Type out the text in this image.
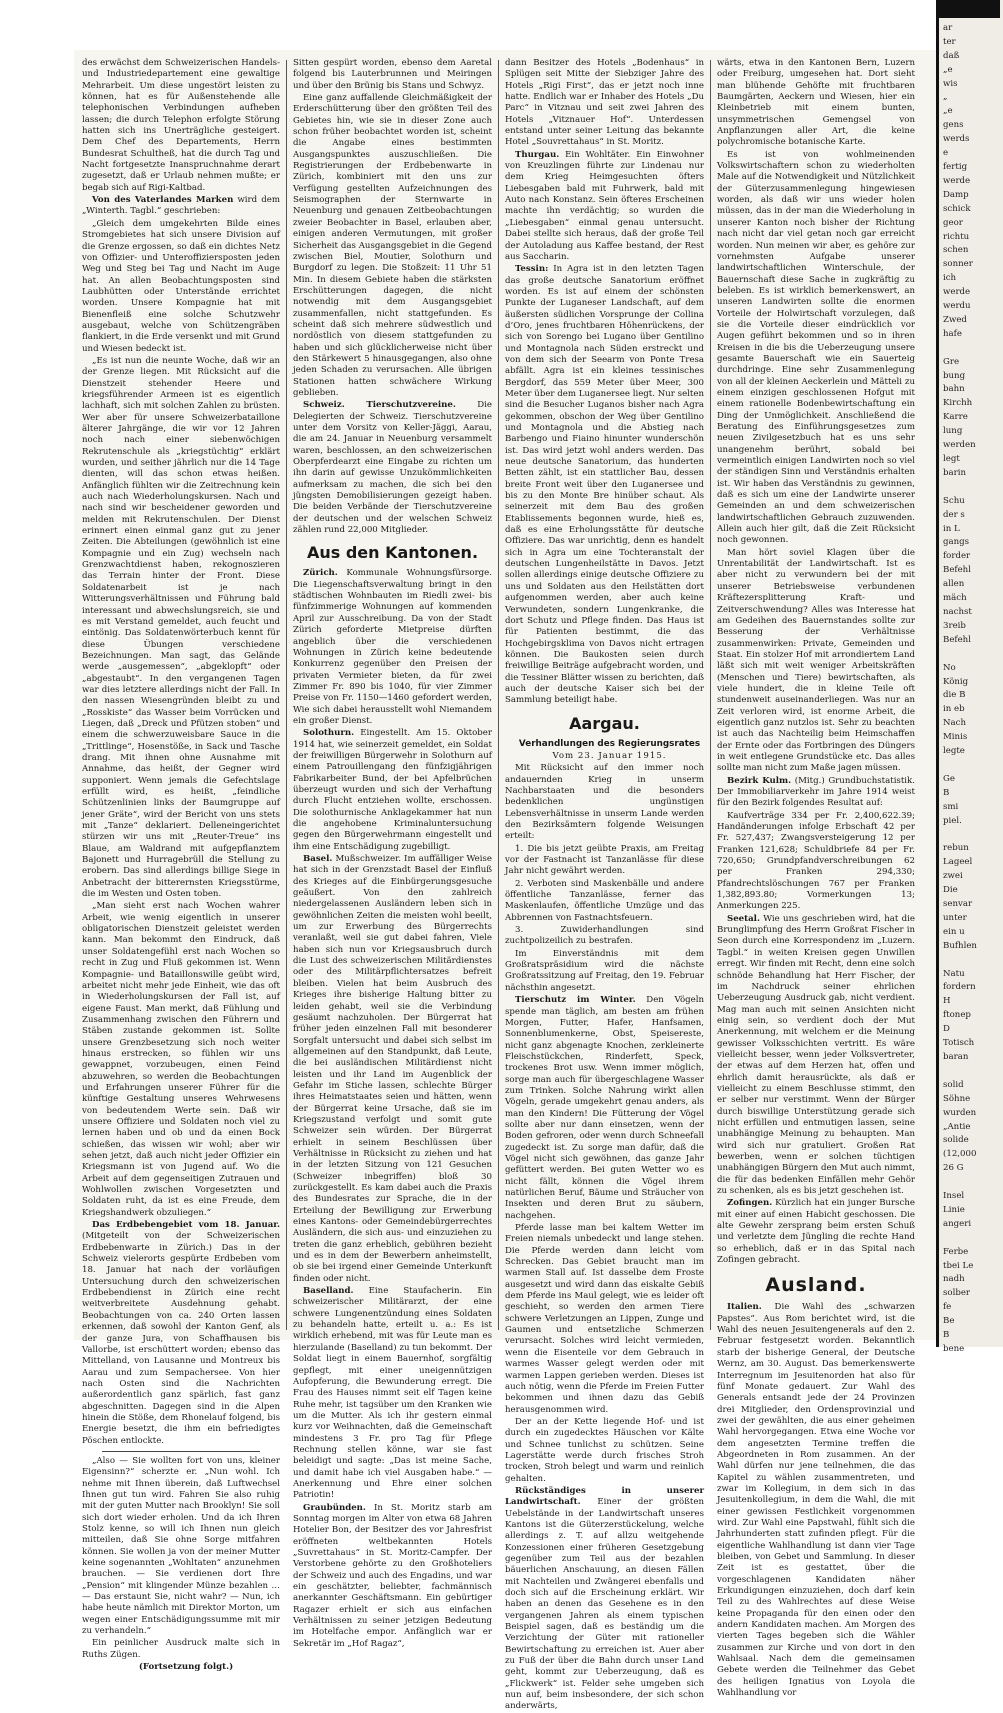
des erwächst dem Schweizerischen Handels- und Industriedepartement eine gewaltige Mehrarbeit. Um diese ungestört leisten zu können, hat es für Außenstehende alle telephonischen Verbindungen aufheben lassen; die durch Telephon erfolgte Störung hatten sich ins Unerträgliche gesteigert. Dem Chef des Departements, Herrn Bundesrat Schultheß, hat die durch Tag und Nacht fortgesetzte Inanspruchnahme derart zugesetzt, daß er Urlaub nehmen mußte; er begab sich auf Rigi-Kaltbad.

Von des Vaterlandes Marken wird dem „Winterth. Tagbl.“ geschrieben:

„Gleich dem umgekehrten Bilde eines Stromgebietes hat sich unsere Division auf die Grenze ergossen, so daß ein dichtes Netz von Offizier- und Unteroffiziersposten jeden Weg und Steg bei Tag und Nacht im Auge hat. An allen Beobachtungsposten sind Laubhütten oder Unterstände errichtet worden. Unsere Kompagnie hat mit Bienenfleiß eine solche Schutzwehr ausgebaut, welche von Schützengräben flankiert, in die Erde versenkt und mit Grund und Wiesen bedeckt ist.

„Es ist nun die neunte Woche, daß wir an der Grenze liegen. Mit Rücksicht auf die Dienstzeit stehender Heere und kriegsführender Armeen ist es eigentlich lachhaft, sich mit solchen Zahlen zu brüsten. Wer aber für unsere Schweizerbataillone älterer Jahrgänge, die wir vor 12 Jahren noch nach einer siebenwöchigen Rekrutenschule als „kriegstüchtig“ erklärt wurden, und seither jährlich nur die 14 Tage dienten, will das schon etwas heißen. Anfänglich fühlten wir die Zeitrechnung kein auch nach Wiederholungskursen. Nach und nach sind wir bescheidener geworden und melden mit Rekrutenschulen. Der Dienst erinnert einen einmal ganz gut zu jener Zeiten. Die Abteilungen (gewöhnlich ist eine Kompagnie und ein Zug) wechseln nach Grenzwachtdienst haben, rekognoszieren das Terrain hinter der Front. Diese Soldatenarbeit ist je nach Witterungsverhältnissen und Führung bald interessant und abwechslungsreich, sie und es mit Verstand gemeldet, auch feucht und eintönig. Das Soldatenwörterbuch kennt für diese Übungen verschiedene Bezeichnungen. Man sagt, das Gelände werde „ausgemessen“, „abgeklopft“ oder „abgestaubt“. In den vergangenen Tagen war dies letztere allerdings nicht der Fall. In den nassen Wiesengründen bleibt zu und „Rosskiste“ das Wasser beim Vorrücken und Liegen, daß „Dreck und Pfützen stoben“ und einem die schwerzuweisbare Sauce in die „Trittlinge“, Hosenstöße, in Sack und Tasche drang. Mit ihnen ohne Ausnahme mit Annahme, das heißt, der Gegner wird supponiert. Wenn jemals die Gefechtslage erfüllt wird, es heißt, „feindliche Schützenlinien links der Baumgruppe auf jener Gräte“, wird der Bericht von uns stets mit „Tanze“ deklariert. Delleneingerichtet stürzen wir uns mit „Reuter-Treue“ ins Blaue, am Waldrand mit aufgepflanztem Bajonett und Hurragebrüll die Stellung zu erobern. Das sind allerdings billige Siege in Anbetracht der bitterernsten Kriegsstürme, die im Westen und Osten toben.

„Man sieht erst nach Wochen wahrer Arbeit, wie wenig eigentlich in unserer obligatorischen Dienstzeit geleistet werden kann. Man bekommt den Eindruck, daß unser Soldatengefühl erst nach Wochen so recht in Zug und Fluß gekommen ist. Wenn Kompagnie- und Bataillonswille geübt wird, arbeitet nicht mehr jede Einheit, wie das oft in Wiederholungskursen der Fall ist, auf eigene Faust. Man merkt, daß Fühlung und Zusammenhang zwischen den Führern und Stäben zustande gekommen ist. Sollte unsere Grenzbesetzung sich noch weiter hinaus erstrecken, so fühlen wir uns gewappnet, vorzubeugen, einen Feind abzuwehren, so werden die Beobachtungen und Erfahrungen unserer Führer für die künftige Gestaltung unseres Wehrwesens von bedeutendem Werte sein. Daß wir unsere Offiziere und Soldaten noch viel zu lernen haben und ob und da einen Bock schießen, das wissen wir wohl; aber wir sehen jetzt, daß auch nicht jeder Offizier ein Kriegsmann ist von Jugend auf. Wo die Arbeit auf dem gegenseitigen Zutrauen und Wohlwollen zwischen Vorgesetzten und Soldaten ruht, da ist es eine Freude, dem Kriegshandwerk obzuliegen.“

Das Erdbebengebiet vom 18. Januar. (Mitgeteilt von der Schweizerischen Erdbebenwarte in Zürich.) Das in der Schweiz vielerorts gespürte Erdbeben vom 18. Januar hat nach der vorläufigen Untersuchung durch den schweizerischen Erdbebendienst in Zürich eine recht weitverbreitete Ausdehnung gehabt. Beobachtungen von ca. 240 Orten lassen erkennen, daß sowohl der Kanton Genf, als der ganze Jura, von Schaffhausen bis Vallorbe, ist erschüttert worden; ebenso das Mittelland, von Lausanne und Montreux bis Aarau und zum Sempachersee. Von hier nach Osten sind die Nachrichten außerordentlich ganz spärlich, fast ganz abgeschnitten. Dagegen sind in die Alpen hinein die Stöße, dem Rhonelauf folgend, bis Energie besetzt, die ihm ein befriedigtes Pöschen entlockte.

„Also — Sie wollten fort von uns, kleiner Eigensinn?“ scherzte er. „Nun wohl. Ich nehme mit Ihnen überein, daß Luftwechsel Ihnen gut tun wird. Fahren Sie also ruhig mit der guten Mutter nach Brooklyn! Sie soll sich dort wieder erholen. Und da ich Ihren Stolz kenne, so will ich Ihnen nun gleich mitteilen, daß Sie ohne Sorge mitfahren können. Sie wollen ja von der meiner Mutter keine sogenannten „Wohltaten“ anzunehmen brauchen. — Sie verdienen dort Ihre „Pension“ mit klingender Münze bezahlen … — Das erstaunt Sie, nicht wahr? — Nun, ich habe heute nämlich mit Direktor Morton, um wegen einer Entschädigungssumme mit mir zu verhandeln.“

Ein peinlicher Ausdruck malte sich in Ruths Zügen.

(Fortsetzung folgt.)

Sitten gespürt worden, ebenso dem Aaretal folgend bis Lauterbrunnen und Meiringen und über den Brünig bis Stans und Schwyz.

Eine ganz auffallende Gleichmäßigkeit der Erderschütterung über den größten Teil des Gebietes hin, wie sie in dieser Zone auch schon früher beobachtet worden ist, scheint die Angabe eines bestimmten Ausgangspunktes auszuschließen. Die Registrierungen der Erdbebenwarte in Zürich, kombiniert mit den uns zur Verfügung gestellten Aufzeichnungen des Seismographen der Sternwarte in Neuenburg und genauen Zeitbeobachtungen zweier Beobachter in Basel, erlauben aber, einigen anderen Vermutungen, mit großer Sicherheit das Ausgangsgebiet in die Gegend zwischen Biel, Moutier, Solothurn und Burgdorf zu legen. Die Stoßzeit: 11 Uhr 51 Min. In diesem Gebiete haben die stärksten Erschütterungen dagegen, die nicht notwendig mit dem Ausgangsgebiet zusammenfallen, nicht stattgefunden. Es scheint daß sich mehrere südwestlich und nordöstlich von diesem stattgefunden zu haben und sich glücklicherweise nicht über den Stärkewert 5 hinausgegangen, also ohne jeden Schaden zu verursachen. Alle übrigen Stationen hatten schwächere Wirkung geblieben.

Schweiz. Tierschutzvereine. Die Delegierten der Schweiz. Tierschutzvereine unter dem Vorsitz von Keller-Jäggi, Aarau, die am 24. Januar in Neuenburg versammelt waren, beschlossen, an den schweizerischen Oberpferdearzt eine Eingabe zu richten um ihn darin auf gewisse Unzukömmlichkeiten aufmerksam zu machen, die sich bei den jüngsten Demobilisierungen gezeigt haben. Die beiden Verbände der Tierschutzvereine der deutschen und der welschen Schweiz zählen rund 22,000 Mitglieder.

Aus den Kantonen.

Zürich. Kommunale Wohnungsfürsorge. Die Liegenschaftsverwaltung bringt in den städtischen Wohnbauten im Riedli zwei- bis fünfzimmerige Wohnungen auf kommenden April zur Ausschreibung. Da von der Stadt Zürich geforderte Mietpreise dürften angeblich über die verschiedenen Wohnungen in Zürich keine bedeutende Konkurrenz gegenüber den Preisen der privaten Vermieter bieten, da für zwei Zimmer Fr. 890 bis 1040, für vier Zimmer Preise von Fr. 1150—1460 gefordert werden, Wie sich dabei herausstellt wohl Niemandem ein großer Dienst.

Solothurn. Eingestellt. Am 15. Oktober 1914 hat, wie seinerzeit gemeldet, ein Soldat der freiwilligen Bürgerwehr in Solothurn auf einem Patrouillengang den fünfzigjährigen Fabrikarbeiter Bund, der bei Apfelbrüchen überzeugt wurden und sich der Verhaftung durch Flucht entziehen wollte, erschossen. Die solothurnische Anklagekammer hat nun die angehobene Kriminaluntersuchung gegen den Bürgerwehrmann eingestellt und ihm eine Entschädigung zugebilligt.

Basel. Mußschweizer. Im auffälliger Weise hat sich in der Grenzstadt Basel der Einfluß des Krieges auf die Einbürgerungsgesuche geäußert. Von den zahlreich niedergelassenen Ausländern leben sich in gewöhnlichen Zeiten die meisten wohl beeilt, um zur Erwerbung des Bürgerrechts veranlaßt, weil sie gut dabei fahren, Viele haben sich nun vor Kriegsausbruch durch die Lust des schweizerischen Militärdienstes oder des Militärpflichtersatzes befreit bleiben. Vielen hat beim Ausbruch des Krieges ihre bisherige Haltung bitter zu leiden gehabt, weil sie die Verbindung gesäumt nachzuholen. Der Bürgerrat hat früher jeden einzelnen Fall mit besonderer Sorgfalt untersucht und dabei sich selbst im allgemeinen auf den Standpunkt, daß Leute, die bei ausländischen Militärdienst nicht leisten und ihr Land im Augenblick der Gefahr im Stiche lassen, schlechte Bürger ihres Heimatstaates seien und hätten, wenn der Bürgerrat keine Ursache, daß sie im Kriegszustand verfolgt und somit gute Schweizer sein würden. Der Bürgerrat erhielt in seinem Beschlüssen über Verhältnisse in Rücksicht zu ziehen und hat in der letzten Sitzung von 121 Gesuchen (Schweizer inbegriffen) bloß 30 zurückgestellt. Es kam dabei auch die Praxis des Bundesrates zur Sprache, die in der Erteilung der Bewilligung zur Erwerbung eines Kantons- oder Gemeindebürgerrechtes Ausländern, die sich aus- und einzuziehen zu treten die ganz erheblich, gebühren bezieht und es in dem der Bewerbern anheimstellt, ob sie bei irgend einer Gemeinde Unterkunft finden oder nicht.

Baselland. Eine Staufacherin. Ein schweizerischer Militärarzt, der eine schwere Lungenentzündung eines Soldaten zu behandeln hatte, erteilt u. a.: Es ist wirklich erhebend, mit was für Leute man es hierzulande (Baselland) zu tun bekommt. Der Soldat liegt in einem Bauernhof, sorgfältig gepflegt, mit einer uneigennützigen Aufopferung, die Bewunderung erregt. Die Frau des Hauses nimmt seit elf Tagen keine Ruhe mehr, ist tagsüber um den Kranken wie um die Mutter. Als ich ihr gestern einmal kurz vor Weihnachten, daß die Gemeinschaft mindestens 3 Fr. pro Tag für Pflege Rechnung stellen könne, war sie fast beleidigt und sagte: „Das ist meine Sache, und damit habe ich viel Ausgaben habe.“ — Anerkennung und Ehre einer solchen Patriotin!

Graubünden. In St. Moritz starb am Sonntag morgen im Alter von etwa 68 Jahren Hotelier Bon, der Besitzer des vor Jahresfrist eröffneten weltbekannten Hotels „Suvrettahaus“ in St. Moritz-Campfer. Der Verstorbene gehörte zu den Großhoteliers der Schweiz und auch des Engadins, und war ein geschätzter, beliebter, fachmännisch anerkannter Geschäftsmann. Ein gebürtiger Ragazer erhielt er sich aus einfachen Verhältnissen zu seiner jetzigen Bedeutung im Hotelfache empor. Anfänglich war er Sekretär im „Hof Ragaz“,

dann Besitzer des Hotels „Bodenhaus“ in Splügen seit Mitte der Siebziger Jahre des Hotels „Rigi First“, das er jetzt noch inne hatte. Endlich war er Inhaber des Hotels „Du Parc“ in Vitznau und seit zwei Jahren des Hotels „Vitznauer Hof“. Unterdessen entstand unter seiner Leitung das bekannte Hotel „Souvrettahaus“ in St. Moritz.

Thurgau. Ein Wohltäter. Ein Einwohner von Kreuzlingen führte zur Lindenau nur dem Krieg Heimgesuchten öfters Liebesgaben bald mit Fuhrwerk, bald mit Auto nach Konstanz. Sein öfteres Erscheinen machte ihn verdächtig; so wurden die „Liebesgaben“ einmal genau untersucht. Dabei stellte sich heraus, daß der große Teil der Autoladung aus Kaffee bestand, der Rest aus Saccharin.

Tessin: In Agra ist in den letzten Tagen das große deutsche Sanatorium eröffnet worden. Es ist auf einem der schönsten Punkte der Luganeser Landschaft, auf dem äußersten südlichen Vorsprunge der Collina d’Oro, jenes fruchtbaren Höhenrückens, der sich von Sorengo bei Lugano über Gentilino und Montagnola nach Süden erstreckt und von dem sich der Seearm von Ponte Tresa abfällt. Agra ist ein kleines tessinisches Bergdorf, das 559 Meter über Meer, 300 Meter über dem Luganersee liegt. Nur selten sind die Besucher Luganos bisher nach Agra gekommen, obschon der Weg über Gentilino und Montagnola und die Abstieg nach Barbengo und Fiaino hinunter wunderschön ist. Das wird jetzt wohl anders werden. Das neue deutsche Sanatorium, das hunderten Betten zählt, ist ein stattlicher Bau, dessen breite Front weit über den Luganersee und bis zu den Monte Bre hinüber schaut. Als seinerzeit mit dem Bau des großen Etablissements begonnen wurde, hieß es, daß es eine Erholungsstätte für deutsche Offiziere. Das war unrichtig, denn es handelt sich in Agra um eine Tochteranstalt der deutschen Lungenheilstätte in Davos. Jetzt sollen allerdings einige deutsche Offiziere zu uns und Soldaten aus den Heilstätten dort aufgenommen werden, aber auch keine Verwundeten, sondern Lungenkranke, die dort Schutz und Pflege finden. Das Haus ist für Patienten bestimmt, die das Hochgebirgsklima von Davos nicht ertragen können. Die Baukosten seien durch freiwillige Beiträge aufgebracht worden, und die Tessiner Blätter wissen zu berichten, daß auch der deutsche Kaiser sich bei der Sammlung beteiligt habe.

Aargau.

Verhandlungen des Regierungsrates

Vom 23. Januar 1915.

Mit Rücksicht auf den immer noch andauernden Krieg in unserm Nachbarstaaten und die besonders bedenklichen ungünstigen Lebensverhältnisse in unserm Lande werden den Bezirksämtern folgende Weisungen erteilt:

1. Die bis jetzt geübte Praxis, am Freitag vor der Fastnacht ist Tanzanlässe für diese Jahr nicht gewährt werden.

2. Verboten sind Maskenbälle und andere öffentliche Tanzanlässe, ferner das Maskenlaufen, öffentliche Umzüge und das Abbrennen von Fastnachtsfeuern.

3. Zuwiderhandlungen sind zuchtpolizeilich zu bestrafen.

Im Einverständnis mit dem Großratspräsidium wird die nächste Großratssitzung auf Freitag, den 19. Februar nächsthin angesetzt.

Tierschutz im Winter. Den Vögeln spende man täglich, am besten am frühen Morgen, Futter, Hafer, Hanfsamen, Sonnenblumenkerne, Obst, Speisereste, nicht ganz abgenagte Knochen, zerkleinerte Fleischstückchen, Rinderfett, Speck, trockenes Brot usw. Wenn immer möglich, sorge man auch für übergeschlagene Wasser zum Trinken. Solche Nahrung wirkt allen Vögeln, gerade umgekehrt genau anders, als man den Kindern! Die Fütterung der Vögel sollte aber nur dann einsetzen, wenn der Boden gefroren, oder wenn durch Schneefall zugedeckt ist. Zu sorge man dafür, daß die Vögel nicht sich gewöhnen, das ganze Jahr gefüttert werden. Bei guten Wetter wo es nicht fällt, können die Vögel ihrem natürlichen Beruf, Bäume und Sträucher von Insekten und deren Brut zu säubern, nachgehen.

Pferde lasse man bei kaltem Wetter im Freien niemals unbedeckt und lange stehen. Die Pferde werden dann leicht vom Schrecken. Das Gebiet braucht man im warmen Stall auf. Ist dasselbe dem Froste ausgesetzt und wird dann das eiskalte Gebiß dem Pferde ins Maul gelegt, wie es leider oft geschieht, so werden den armen Tiere schwere Verletzungen an Lippen, Zunge und Gaumen und entsetzliche Schmerzen verursacht. Solches wird leicht vermieden, wenn die Eisenteile vor dem Gebrauch in warmes Wasser gelegt werden oder mit warmen Lappen gerieben werden. Dieses ist auch nötig, wenn die Pferde im Freien Futter bekommen und ihnen dazu das Gebiß herausgenommen wird.

Der an der Kette liegende Hof- und ist durch ein zugedecktes Häuschen vor Kälte und Schnee tunlichst zu schützen. Seine Lagerstätte werde durch frisches Stroh trocken, Stroh belegt und warm und reinlich gehalten.

Rückständiges in unserer Landwirtschaft. Einer der größten Uebelstände in der Landwirtschaft unseres Kantons ist die Güterzerstückelung, welche allerdings z. T. auf allzu weitgehende Konzessionen einer früheren Gesetzgebung gegenüber zum Teil aus der bezahlen bäuerlichen Anschauung, an diesen Fällen mit Nachteilen und Zwängerei ebenfalls und doch sich auf die Erscheinung erklärt. Wir haben an denen das Gesehene es in den vergangenen Jahren als einem typischen Beispiel sagen, daß es beständig um die Verzichtung der Güter mit rationeller Bewirtschaftung zu erreichen ist. Auer aber zu Fuß der über die Bahn durch unser Land geht, kommt zur Ueberzeugung, daß es „Flickwerk“ ist. Felder sehe umgeben sich nun auf, beim insbesondere, der sich schon anderwärts,

wärts, etwa in den Kantonen Bern, Luzern oder Freiburg, umgesehen hat. Dort sieht man blühende Gehöfte mit fruchtbaren Baumgärten, Aeckern und Wiesen, hier ein Kleinbetrieb mit einem bunten, unsymmetrischen Gemengsel von Anpflanzungen aller Art, die keine polychromische botanische Karte.

Es ist von wohlmeinenden Volkswirtschaftern schon zu wiederholten Male auf die Notwendigkeit und Nützlichkeit der Güterzusammenlegung hingewiesen worden, als daß wir uns wieder holen müssen, das in der man die Wiederholung in unserer Kanton noch bisher der Richtung nach nicht dar viel getan noch gar erreicht worden. Nun meinen wir aber, es gehöre zur vornehmsten Aufgabe unserer landwirtschaftlichen Winterschule, der Bauernschaft diese Sache in zugkräftig zu beleben. Es ist wirklich bemerkenswert, an unseren Landwirten sollte die enormen Vorteile der Holwirtschaft vorzulegen, daß sie die Vorteile dieser eindrücklich vor Augen geführt bekommen und so in ihren Kreisen in die bis die Ueberzeugung unsere gesamte Bauerschaft wie ein Sauerteig durchdringe. Eine sehr Zusammenlegung von all der kleinen Aeckerlein und Mätteli zu einem einzigen geschlossenen Hofgut mit einem rationelle Bodenbewirtschaftung ein Ding der Unmöglichkeit. Anschließend die Beratung des Einführungsgesetzes zum neuen Zivilgesetzbuch hat es uns sehr unangenehm berührt, sobald bei vermeintlich einigen Landwirten noch so viel der ständigen Sinn und Verständnis erhalten ist. Wir haben das Verständnis zu gewinnen, daß es sich um eine der Landwirte unserer Gemeinden an und dem schweizerischen landwirtschaftlichen Gebrauch zuzuwenden. Allein auch hier gilt, daß die Zeit Rücksicht noch gewonnen.

Man hört soviel Klagen über die Unrentabilität der Landwirtschaft. Ist es aber nicht zu verwundern bei der mit unserer Betriebsweise verbundenen Kräftezersplitterung Kraft- und Zeitverschwendung? Alles was Interesse hat am Gedeihen des Bauernstandes sollte zur Besserung der Verhältnisse zusammenwirken: Private, Gemeinden und Staat. Ein stolzer Hof mit arrondiertem Land läßt sich mit weit weniger Arbeitskräften (Menschen und Tiere) bewirtschaften, als viele hundert, die in kleine Teile oft stundenweit auseinanderliegen. Was nur an Zeit verloren wird, ist enorme Arbeit, die eigentlich ganz nutzlos ist. Sehr zu beachten ist auch das Nachteilig beim Heimschaffen der Ernte oder das Fortbringen des Düngers in weit entlegene Grundstücke etc. Das alles sollte man nicht zum Maße jagen müssen.

Bezirk Kulm. (Mitg.) Grundbuchstatistik. Der Immobiliarverkehr im Jahre 1914 weist für den Bezirk folgendes Resultat auf:

Kaufverträge 334 per Fr. 2,400,622.39; Handänderungen infolge Erbschaft 42 per Fr. 527,437; Zwangsversteigerung 12 per Franken 121,628; Schuldbriefe 84 per Fr. 720,650; Grundpfandverschreibungen 62 per Franken 294,330; Pfandrechtslöschungen 767 per Franken 1,382,893.80; Vormerkungen 13; Anmerkungen 225.

Seetal. Wie uns geschrieben wird, hat die Brunglimpfung des Herrn Großrat Fischer in Seon durch eine Korrespondenz im „Luzern. Tagbl.“ in weiten Kreisen gegen Unwillen erregt. Wir finden mit Recht, denn eine solch schnöde Behandlung hat Herr Fischer, der im Nachdruck seiner ehrlichen Ueberzeugung Ausdruck gab, nicht verdient. Mag man auch mit seinen Ansichten nicht einig sein, so verdient doch der Mut Anerkennung, mit welchem er die Meinung gewisser Volksschichten vertritt. Es wäre vielleicht besser, wenn jeder Volksvertreter, der etwas auf dem Herzen hat, offen und ehrlich damit herausrückte, als daß er vielleicht zu einem Beschlusse stimmt, den er selber nur verstimmt. Wenn der Bürger durch biswillige Unterstützung gerade sich nicht erfüllen und entmutigen lassen, seine unabhängige Meinung zu behaupten. Man wird sich nur gratuliert. Großen Rat bewerben, wenn er solchen tüchtigen unabhängigen Bürgern den Mut auch nimmt, die für das bedenken Einfällen mehr Gehör zu schenken, als es bis jetzt geschehen ist.

Zofingen. Kürzlich hat ein junger Bursche mit einer auf einen Habicht geschossen. Die alte Gewehr zersprang beim ersten Schuß und verletzte dem Jüngling die rechte Hand so erheblich, daß er in das Spital nach Zofingen gebracht.

Ausland.

Italien. Die Wahl des „schwarzen Papstes“. Aus Rom berichtet wird, ist die Wahl des neuen Jesuitengenerals auf den 2. Februar festgesetzt worden. Bekanntlich starb der bisherige General, der Deutsche Wernz, am 30. August. Das bemerkenswerte Interregnum im Jesuitenorden hat also für fünf Monate gedauert. Zur Wahl des Generals entsandt jede der 24 Provinzen drei Mitglieder, den Ordensprovinzial und zwei der gewählten, die aus einer geheimen Wahl hervorgegangen. Etwa eine Woche vor dem angesetzten Termine treffen die Abgeordneten in Rom zusammen. An der Wahl dürfen nur jene teilnehmen, die das Kapitel zu wählen zusammentreten, und zwar im Kollegium, in dem sich in das Jesuitenkollegium, in dem die Wahl, die mit einer gewissen Festlichkeit vorgenommen wird. Zur Wahl eine Papstwahl, fühlt sich die Jahrhunderten statt zufinden pflegt. Für die eigentliche Wahlhandlung ist dann vier Tage bleiben, von Gebet und Sammlung. In dieser Zeit ist es gestattet, über die vorgeschlagenen Kandidaten näher Erkundigungen einzuziehen, doch darf kein Teil zu des Wahlrechtes auf diese Weise keine Propaganda für den einen oder den andern Kandidaten machen. Am Morgen des vierten Tages begeben sich die Wähler zusammen zur Kirche und von dort in den Wahlsaal. Nach dem die gemeinsamen Gebete werden die Teilnehmer das Gebet des heiligen Ignatius von Loyola die Wahlhandlung vor

ar
ter
daß
„e
wis
„
„e
gens
werds
e
fertig
werde
Damp
schick
geor
richtu
schen
sonner
ich
werde
werdu
Zwed
hafe

Gre
bung
bahn
Kirchh
Karre
lung
werden
legt
barin

Schu
der s
in L
gangs
forder
Befehl
allen
mäch
nachst
3reib
Befehl

No
König
die B
in eb
Nach
Minis
legte

Ge
B
smi
piel.

rebun
Lageel
zwei
Die
senvar
unter
ein u
Bufhlen

Natu
fordern
H
ftonep
D
Totisch
baran

solid
Söhne
wurden
„Antie
solide
(12,000
26 G

Insel
Linie
angeri

Ferbe
tbei Le
nadh
solber
fe
Be
B
bene
